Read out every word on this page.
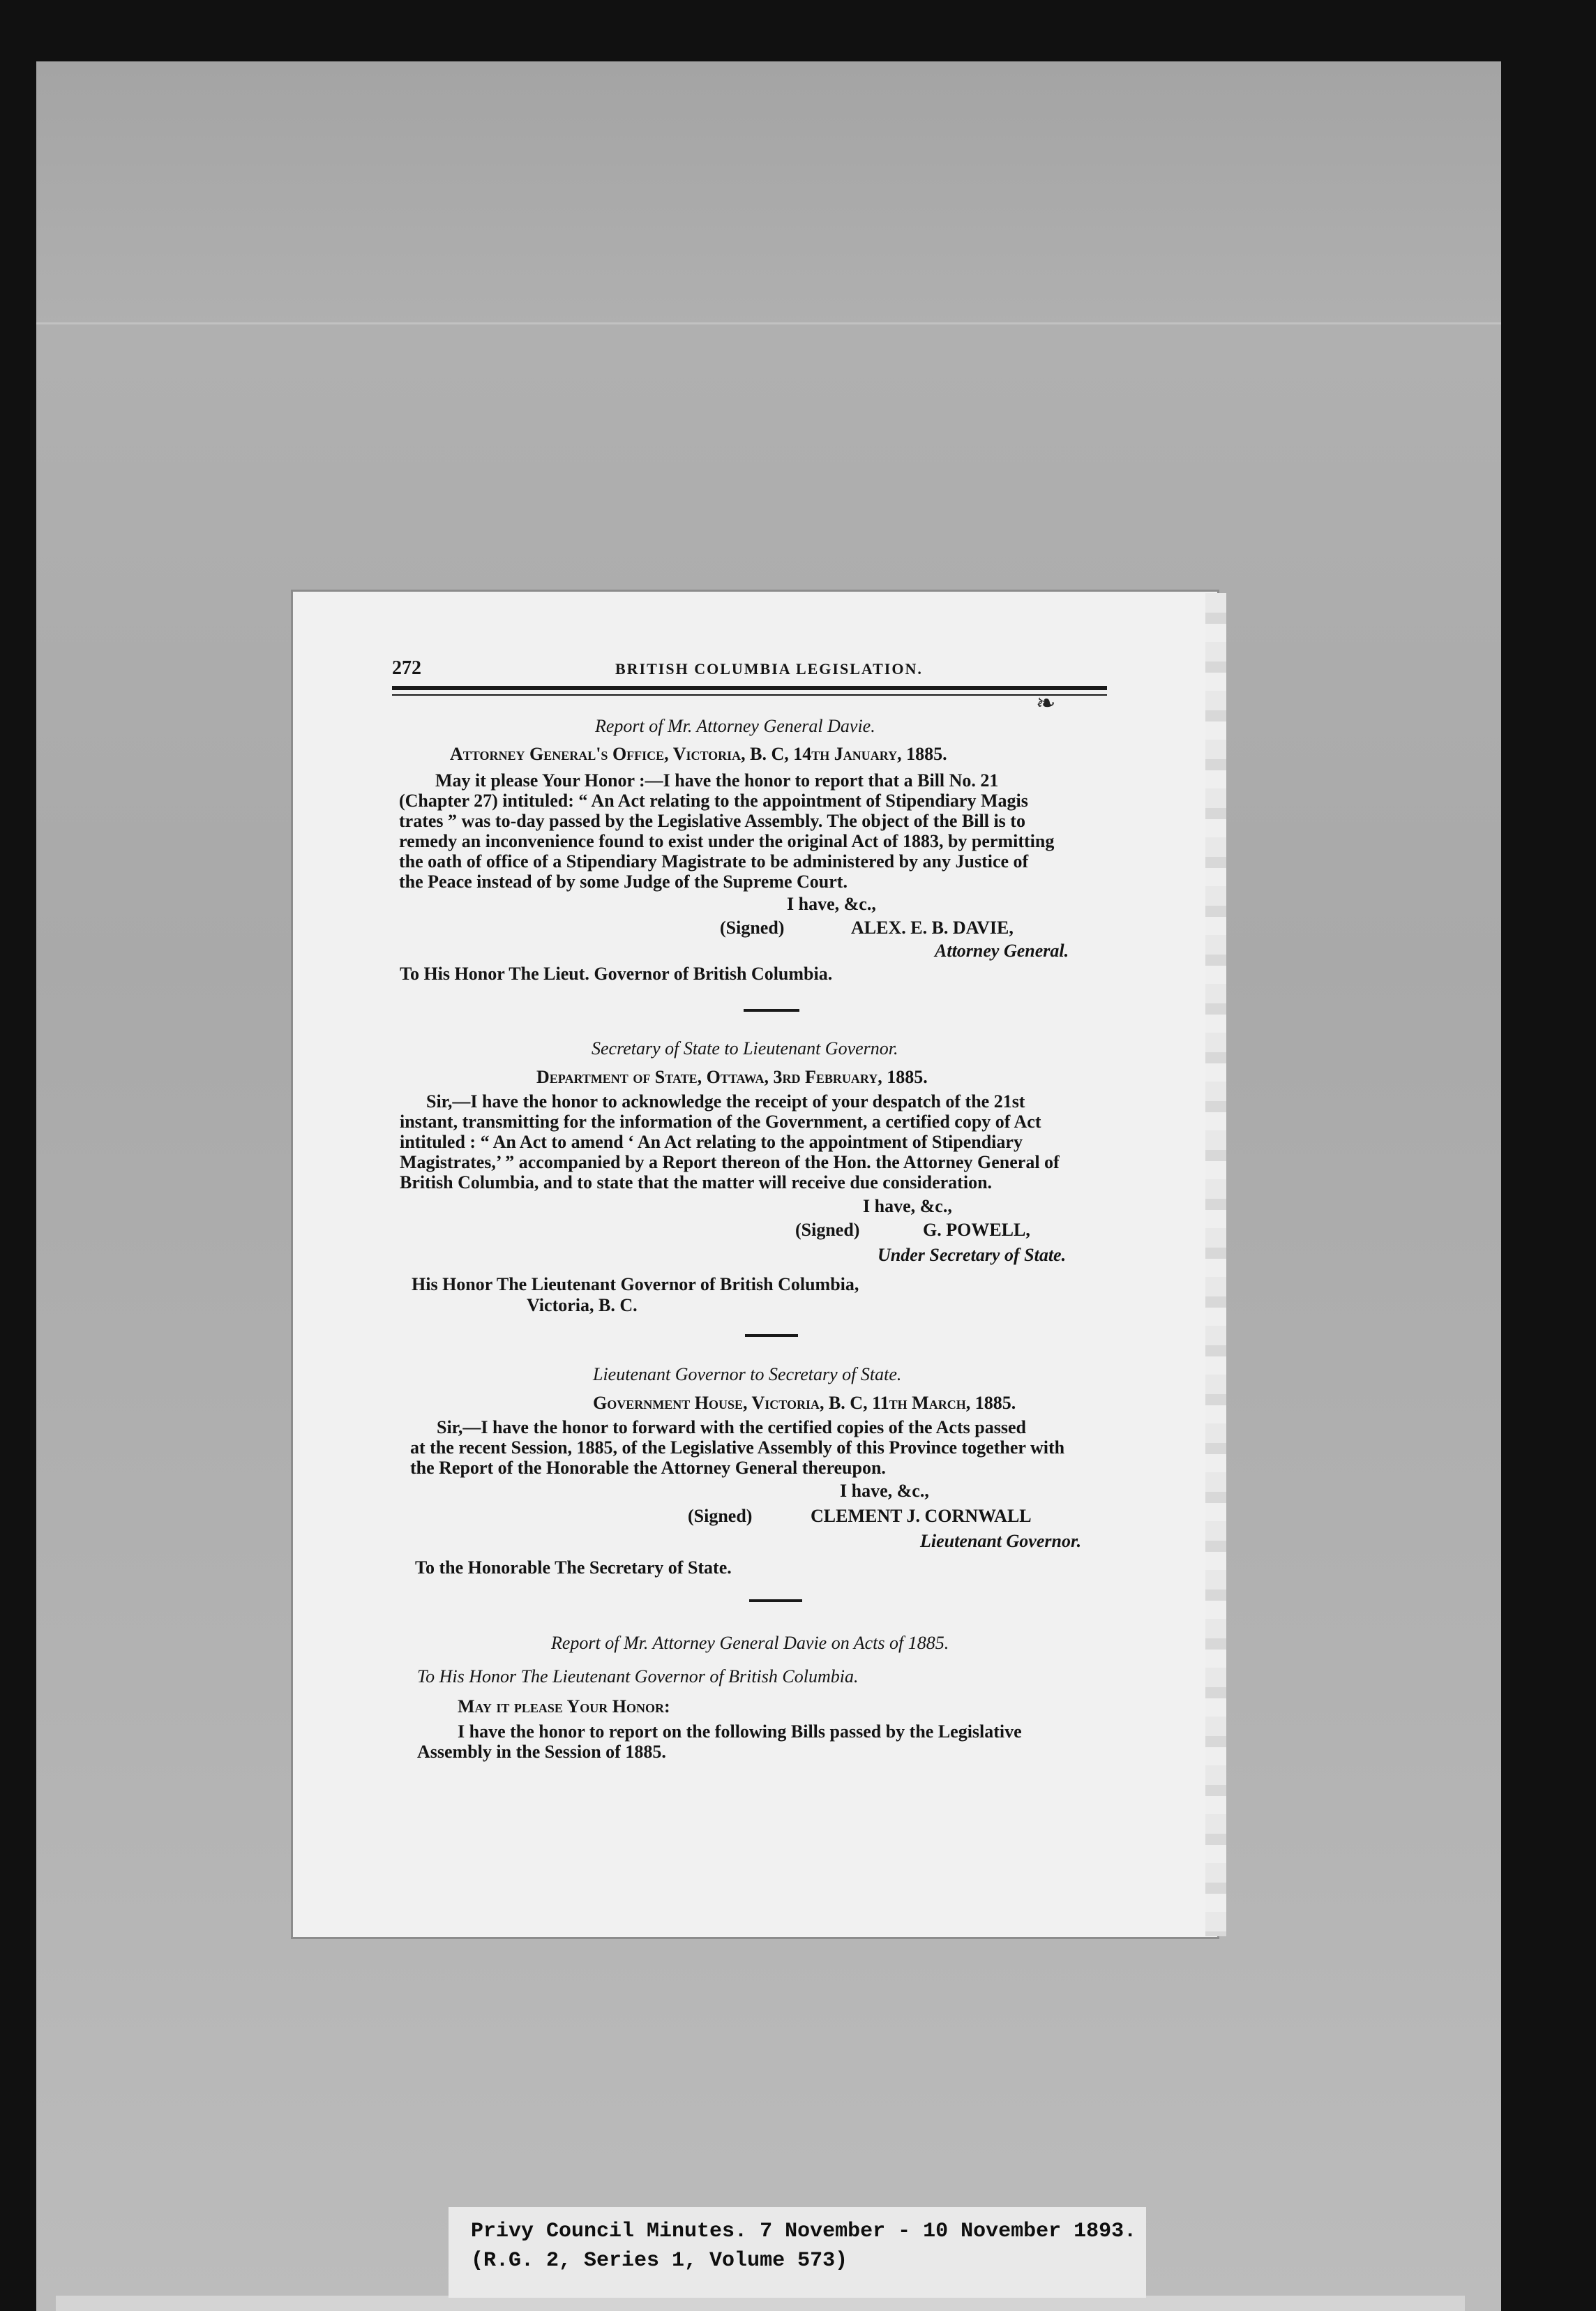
272	BRITISH COLUMBIA LEGISLATION.
❧
Report of Mr. Attorney General Davie.
Attorney General's Office, Victoria, B. C, 14th January, 1885.
May it please Your Honor :—I have the honor to report that a Bill No. 21
(Chapter 27) intituled: “ An Act relating to the appointment of Stipendiary Magis
trates ” was to-day passed by the Legislative Assembly. The object of the Bill is to
remedy an inconvenience found to exist under the original Act of 1883, by permitting
the oath of office of a Stipendiary Magistrate to be administered by any Justice of
the Peace instead of by some Judge of the Supreme Court.
I have, &c.,
(Signed)	ALEX. E. B. DAVIE,
Attorney General.
To His Honor The Lieut. Governor of British Columbia.
Secretary of State to Lieutenant Governor.
Department of State, Ottawa, 3rd February, 1885.
Sir,—I have the honor to acknowledge the receipt of your despatch of the 21st
instant, transmitting for the information of the Government, a certified copy of Act
intituled : “ An Act to amend ‘ An Act relating to the appointment of Stipendiary
Magistrates,’ ” accompanied by a Report thereon of the Hon. the Attorney General of
British Columbia, and to state that the matter will receive due consideration.
I have, &c.,
(Signed)	G. POWELL,
Under Secretary of State.
His Honor The Lieutenant Governor of British Columbia,
Victoria, B. C.
Lieutenant Governor to Secretary of State.
Government House, Victoria, B. C, 11th March, 1885.
Sir,—I have the honor to forward with the certified copies of the Acts passed
at the recent Session, 1885, of the Legislative Assembly of this Province together with
the Report of the Honorable the Attorney General thereupon.
I have, &c.,
(Signed)	CLEMENT J. CORNWALL
Lieutenant Governor.
To the Honorable The Secretary of State.
Report of Mr. Attorney General Davie on Acts of 1885.
To His Honor The Lieutenant Governor of British Columbia.
May it please Your Honor:
I have the honor to report on the following Bills passed by the Legislative
Assembly in the Session of 1885.
Privy Council Minutes. 7 November - 10 November 1893.
(R.G. 2, Series 1, Volume 573)
